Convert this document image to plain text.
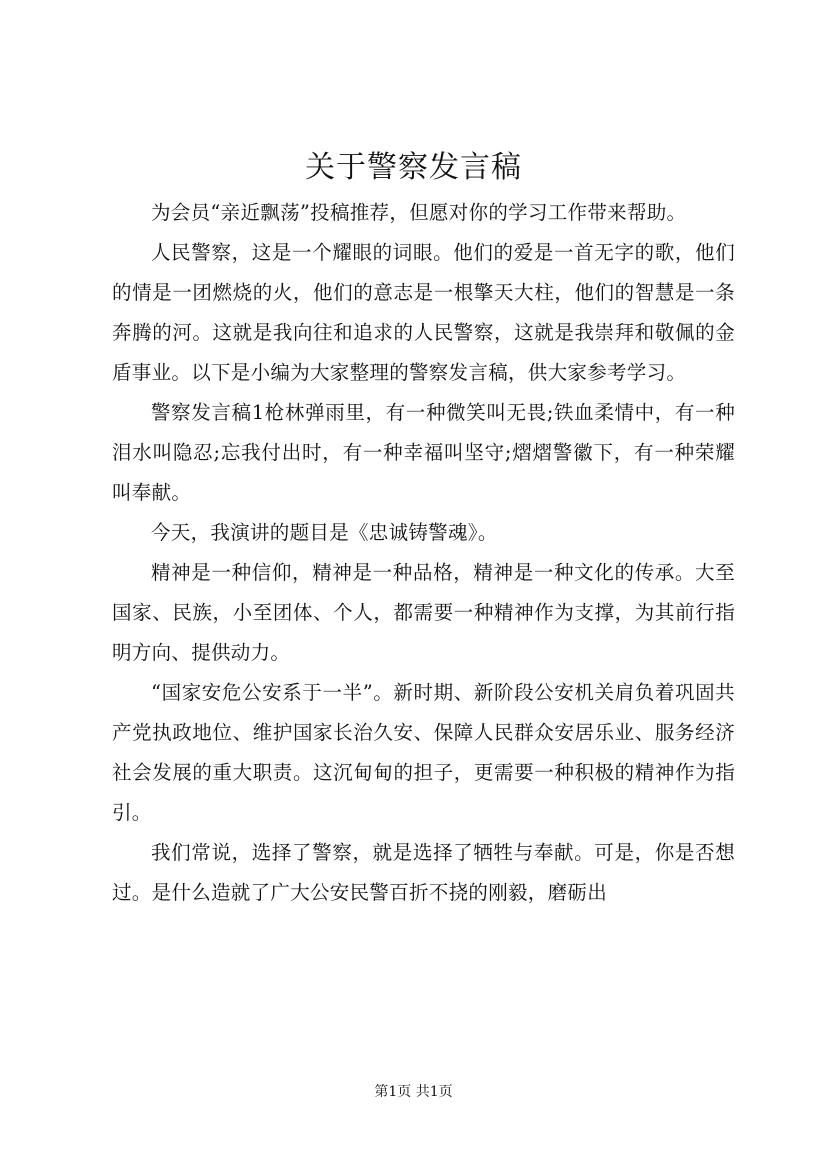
关于警察发言稿

为会员“亲近飘荡”投稿推荐，但愿对你的学习工作带来帮助。

人民警察，这是一个耀眼的词眼。他们的爱是一首无字的歌，他们的情是一团燃烧的火，他们的意志是一根擎天大柱，他们的智慧是一条奔腾的河。这就是我向往和追求的人民警察，这就是我崇拜和敬佩的金盾事业。以下是小编为大家整理的警察发言稿，供大家参考学习。

警察发言稿1枪林弹雨里，有一种微笑叫无畏;铁血柔情中，有一种泪水叫隐忍;忘我付出时，有一种幸福叫坚守;熠熠警徽下，有一种荣耀叫奉献。

今天，我演讲的题目是《忠诚铸警魂》。

精神是一种信仰，精神是一种品格，精神是一种文化的传承。大至国家、民族，小至团体、个人，都需要一种精神作为支撑，为其前行指明方向、提供动力。

“国家安危公安系于一半”。新时期、新阶段公安机关肩负着巩固共产党执政地位、维护国家长治久安、保障人民群众安居乐业、服务经济社会发展的重大职责。这沉甸甸的担子，更需要一种积极的精神作为指引。

我们常说，选择了警察，就是选择了牺牲与奉献。可是，你是否想过。是什么造就了广大公安民警百折不挠的刚毅，磨砺出

第1页 共1页
